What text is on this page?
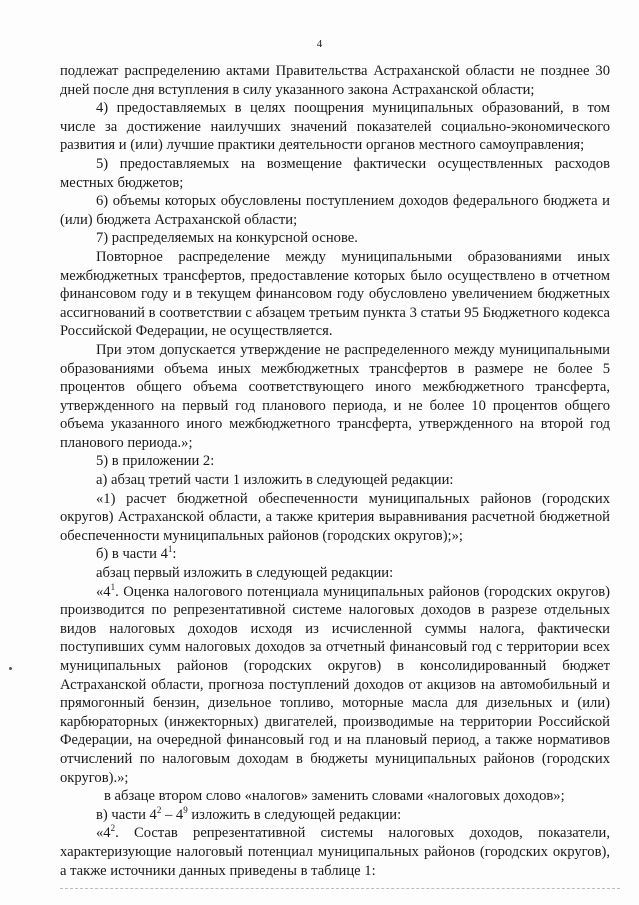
4

подлежат распределению актами Правительства Астраханской области не позднее 30 дней после дня вступления в силу указанного закона Астраханской области;

4) предоставляемых в целях поощрения муниципальных образований, в том числе за достижение наилучших значений показателей социально-экономического развития и (или) лучшие практики деятельности органов местного самоуправления;

5) предоставляемых на возмещение фактически осуществленных расходов местных бюджетов;

6) объемы которых обусловлены поступлением доходов федерального бюджета и (или) бюджета Астраханской области;

7) распределяемых на конкурсной основе.

Повторное распределение между муниципальными образованиями иных межбюджетных трансфертов, предоставление которых было осуществлено в отчетном финансовом году и в текущем финансовом году обусловлено увеличением бюджетных ассигнований в соответствии с абзацем третьим пункта 3 статьи 95 Бюджетного кодекса Российской Федерации, не осуществляется.

При этом допускается утверждение не распределенного между муниципальными образованиями объема иных межбюджетных трансфертов в размере не более 5 процентов общего объема соответствующего иного межбюджетного трансферта, утвержденного на первый год планового периода, и не более 10 процентов общего объема указанного иного межбюджетного трансферта, утвержденного на второй год планового периода.»;

5) в приложении 2:

а) абзац третий части 1 изложить в следующей редакции:

«1) расчет бюджетной обеспеченности муниципальных районов (городских округов) Астраханской области, а также критерия выравнивания расчетной бюджетной обеспеченности муниципальных районов (городских округов);»;

б) в части $4^1$:

абзац первый изложить в следующей редакции:

«$4^1$. Оценка налогового потенциала муниципальных районов (городских округов) производится по репрезентативной системе налоговых доходов в разрезе отдельных видов налоговых доходов исходя из исчисленной суммы налога, фактически поступивших сумм налоговых доходов за отчетный финансовый год с территории всех муниципальных районов (городских округов) в консолидированный бюджет Астраханской области, прогноза поступлений доходов от акцизов на автомобильный и прямогонный бензин, дизельное топливо, моторные масла для дизельных и (или) карбюраторных (инжекторных) двигателей, производимые на территории Российской Федерации, на очередной финансовый год и на плановый период, а также нормативов отчислений по налоговым доходам в бюджеты муниципальных районов (городских округов).»;

в абзаце втором слово «налогов» заменить словами «налоговых доходов»;

в) части $4^2 - 4^9$ изложить в следующей редакции:

«$4^2$. Состав репрезентативной системы налоговых доходов, показатели, характеризующие налоговый потенциал муниципальных районов (городских округов), а также источники данных приведены в таблице 1:
